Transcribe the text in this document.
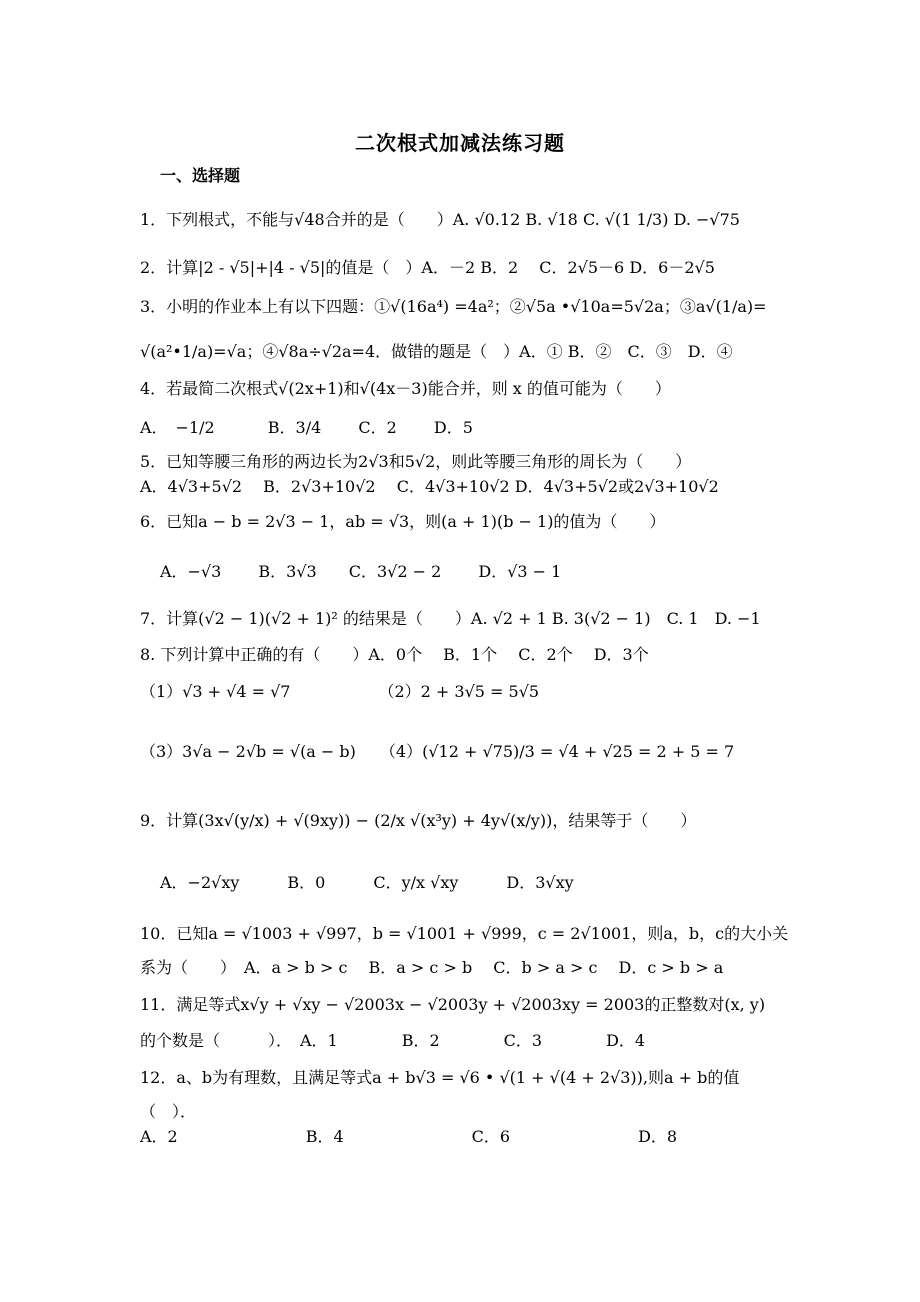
二次根式加减法练习题
一、选择题
1．下列根式，不能与√48合并的是（　　）A. √0.12 B. √18 C. √(1 1/3) D. −√75
2．计算|2 - √5|+|4 - √5|的值是（　）A．－2 B．2　 C．2√5－6 D．6－2√5
3．小明的作业本上有以下四题：①√(16a⁴) =4a²；②√5a •√10a=5√2a；③a√(1/a)=
√(a²•1/a)=√a；④√8a÷√2a=4．做错的题是（　）A．① B．②　C．③　D．④
4．若最简二次根式√(2x+1)和√(4x－3)能合并，则 x 的值可能为（　　）
A．　−1/2　　　 B．3/4　　 C．2　　 D．5
5．已知等腰三角形的两边长为2√3和5√2，则此等腰三角形的周长为（　　）
A．4√3+5√2　 B．2√3+10√2　 C．4√3+10√2 D．4√3+5√2或2√3+10√2
6．已知a − b = 2√3 − 1，ab = √3，则(a + 1)(b − 1)的值为（　　）
A．−√3　　 B．3√3　　C．3√2 − 2　　 D．√3 − 1
7．计算(√2 − 1)(√2 + 1)² 的结果是（　　）A. √2 + 1 B. 3(√2 − 1)　C. 1　D. −1
8. 下列计算中正确的有（　　）A．0个　 B．1个　 C．2个　 D．3个
（1）√3 + √4 = √7　　　　　　（2）2 + 3√5 = 5√5
（3）3√a − 2√b = √(a − b)　　（4）(√12 + √75)/3 = √4 + √25 = 2 + 5 = 7
9．计算(3x√(y/x) + √(9xy)) − (2/x √(x³y) + 4y√(x/y))，结果等于（　　）
A．−2√xy　　　B．0　　　C．y/x √xy　　　D．3√xy
10．已知a = √1003 + √997，b = √1001 + √999，c = 2√1001，则a，b，c的大小关
系为（　　）　A．a > b > c　 B．a > c > b　 C．b > a > c　 D．c > b > a
11．满足等式x√y + √xy − √2003x − √2003y + √2003xy = 2003的正整数对(x, y)
的个数是（　　　）．　A．1　　　　B．2　　　　C．3　　　　D．4
12．a、b为有理数，且满足等式a + b√3 = √6 • √(1 + √(4 + 2√3)),则a + b的值
（　）．
A．2　　　　　　　　B．4　　　　　　　　C．6　　　　　　　　D．8
